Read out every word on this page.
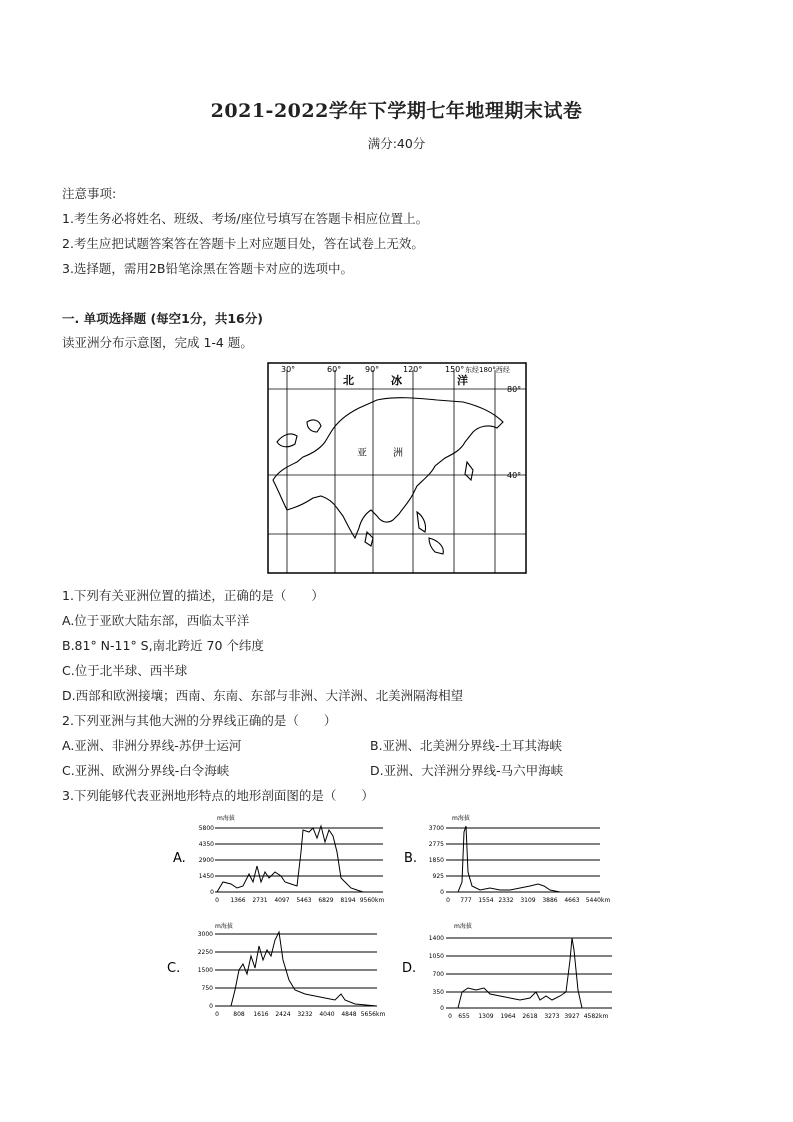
2021-2022学年下学期七年地理期末试卷
满分:40分
注意事项:
1.考生务必将姓名、班级、考场/座位号填写在答题卡相应位置上。
2.考生应把试题答案答在答题卡上对应题目处，答在试卷上无效。
3.选择题，需用2B铅笔涂黑在答题卡对应的选项中。
一. 单项选择题 (每空1分，共16分)
读亚洲分布示意图，完成 1-4 题。
30°	60°	90°	120°	150° 东经180°西经
北	冰	洋
80°
40°
亚	洲
1.下列有关亚洲位置的描述，正确的是（　　）
A.位于亚欧大陆东部，西临太平洋
B.81° N-11° S,南北跨近 70 个纬度
C.位于北半球、西半球
D.西部和欧洲接壤；西南、东南、东部与非洲、大洋洲、北美洲隔海相望
2.下列亚洲与其他大洲的分界线正确的是（　　）
A.亚洲、非洲分界线-苏伊士运河	B.亚洲、北美洲分界线-土耳其海峡
C.亚洲、欧洲分界线-白令海峡	D.亚洲、大洋洲分界线-马六甲海峡
3.下列能够代表亚洲地形特点的地形剖面图的是（　　）
A.
m海拔
5800
4350
2900
1450
0
0 1366 2731 4097 5463 6829 8194 9560km
B.
m海拔
3700
2775
1850
925
0
0 777 1554 2332 3109 3886 4663 5440km
C.
m海拔
3000
2250
1500
750
0
0 808 1616 2424 3232 4040 4848 5656km
D.
m海拔
1400
1050
700
350
0
0 655 1309 1964 2618 3273 3927 4582km
